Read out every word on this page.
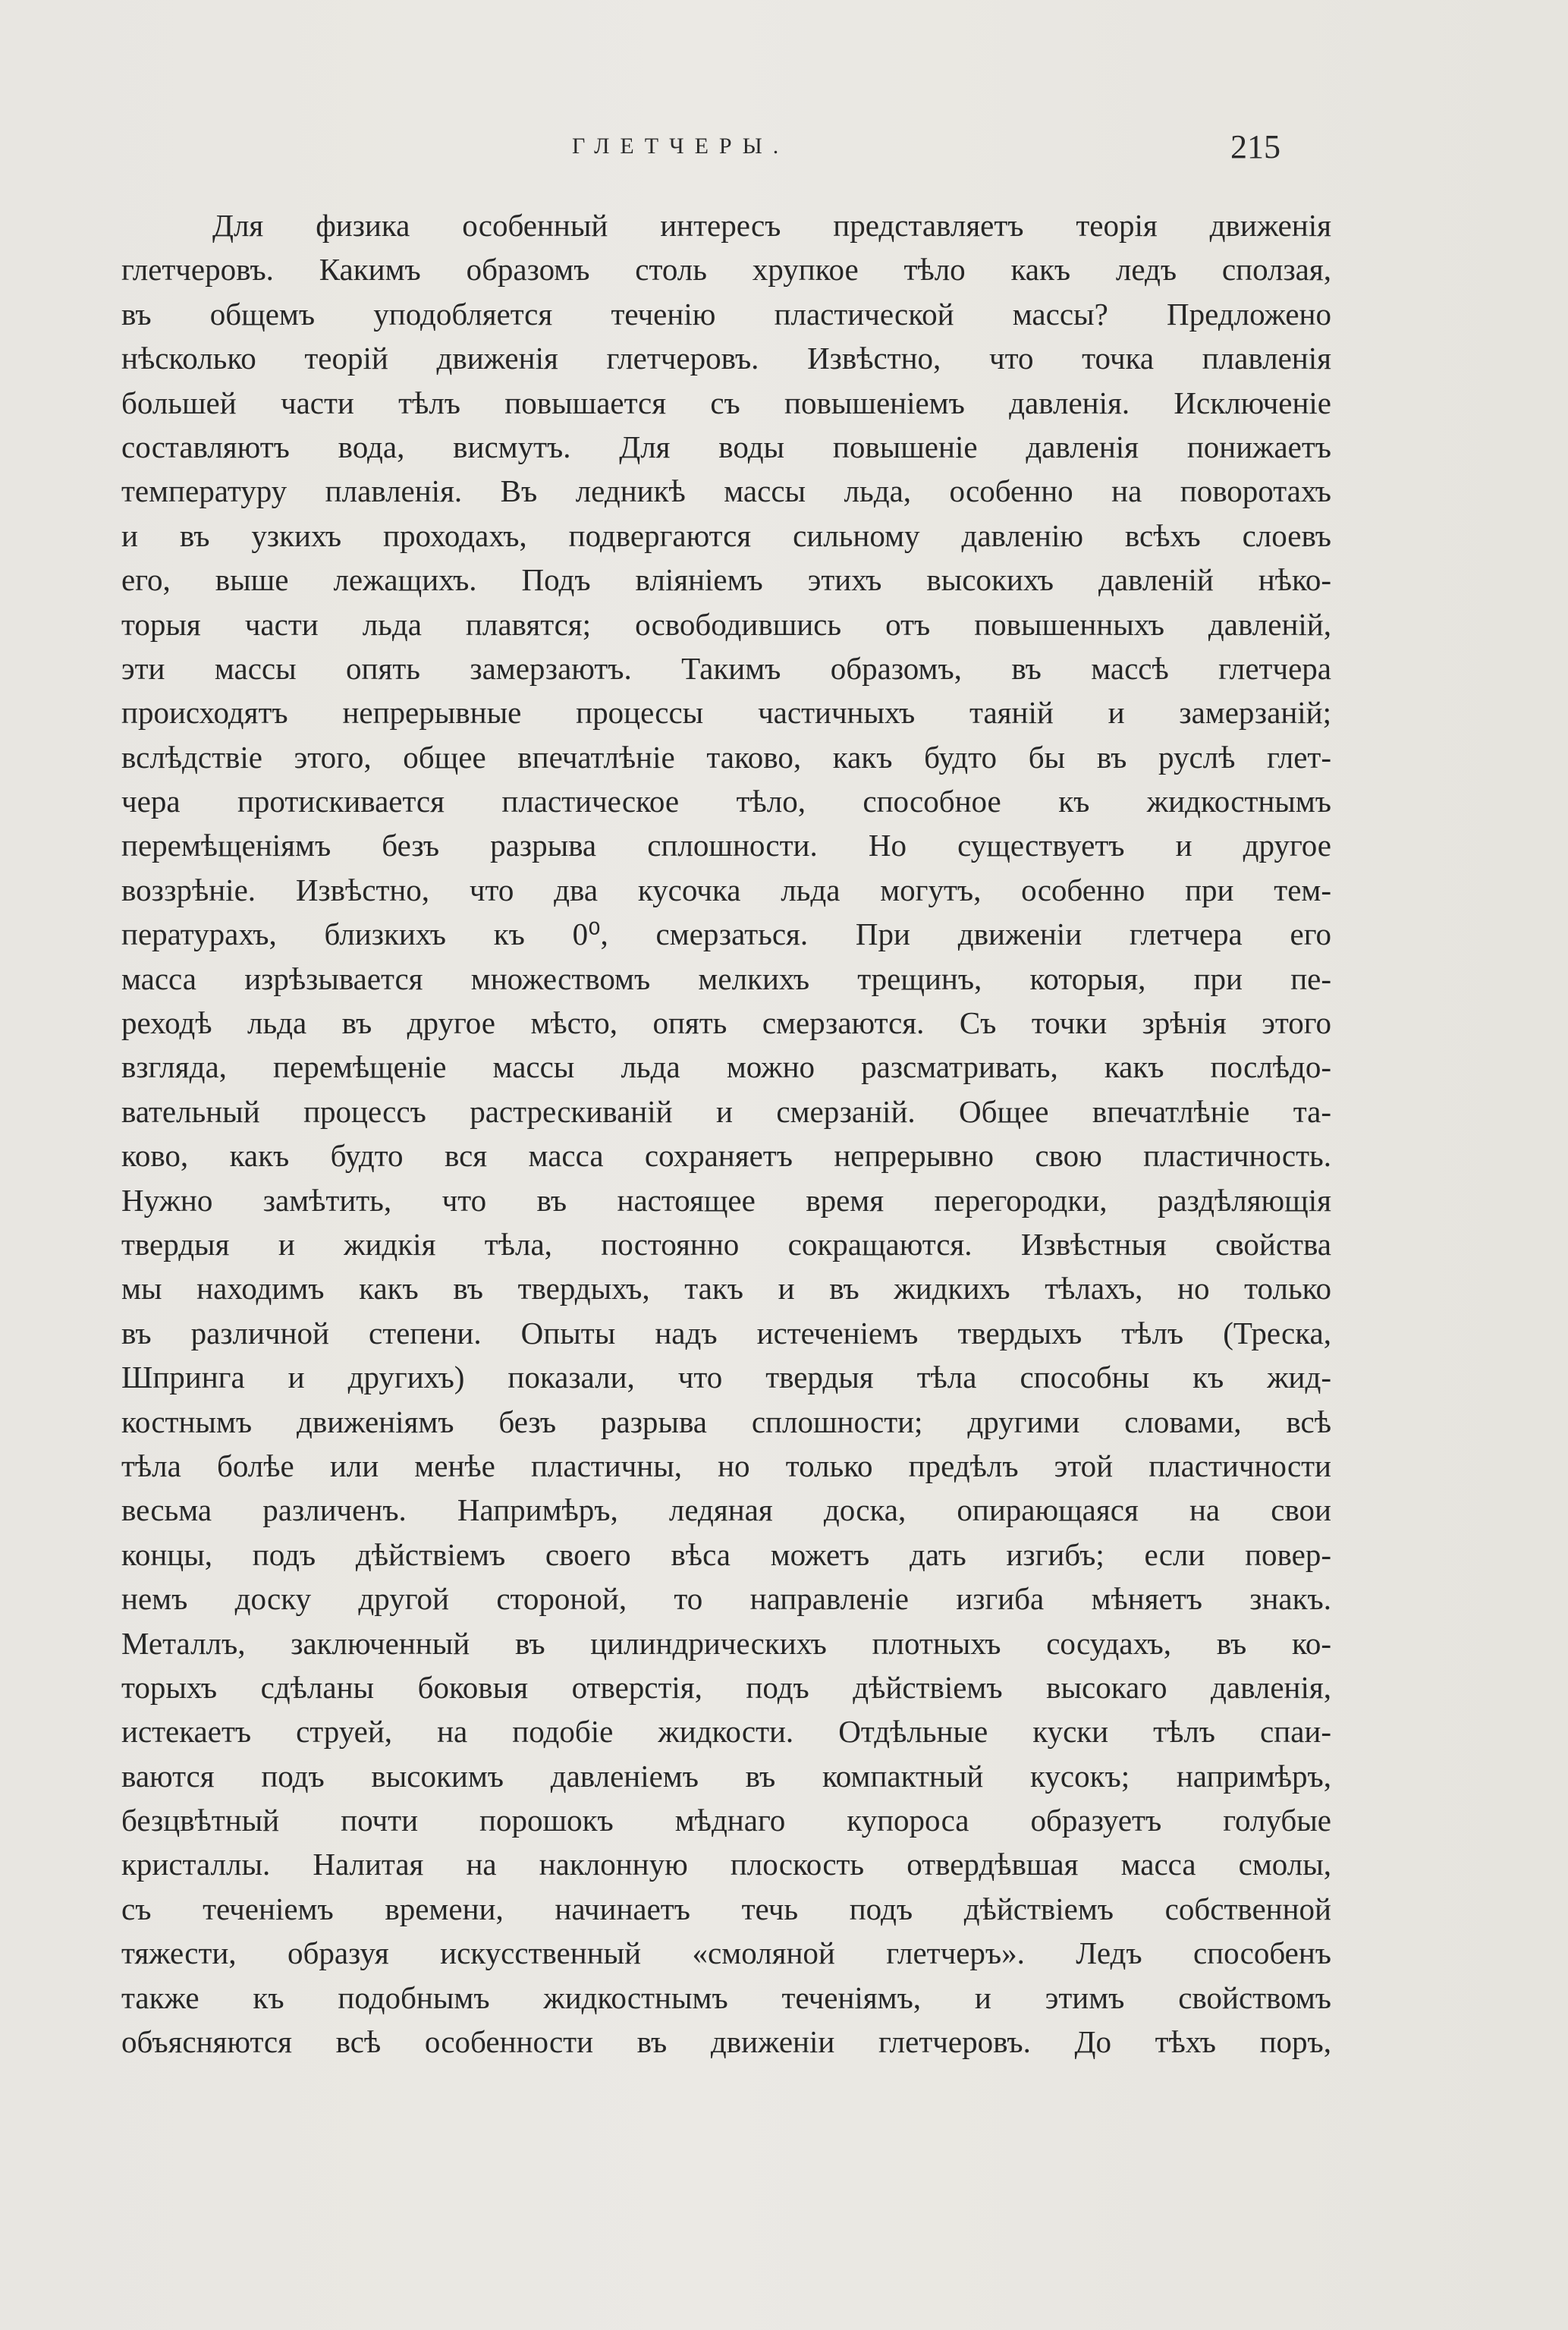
ГЛЕТЧЕРЫ.	215
Для физика особенный интересъ представляетъ теорія движенія
глетчеровъ. Какимъ образомъ столь хрупкое тѣло какъ ледъ сползая,
въ общемъ уподобляется теченію пластической массы? Предложено
нѣсколько теорій движенія глетчеровъ. Извѣстно, что точка плавленія
большей части тѣлъ повышается съ повышеніемъ давленія. Исключеніе
составляютъ вода, висмутъ. Для воды повышеніе давленія понижаетъ
температуру плавленія. Въ ледникѣ массы льда, особенно на поворотахъ
и въ узкихъ проходахъ, подвергаются сильному давленію всѣхъ слоевъ
его, выше лежащихъ. Подъ вліяніемъ этихъ высокихъ давленій нѣко-
торыя части льда плавятся; освободившись отъ повышенныхъ давленій,
эти массы опять замерзаютъ. Такимъ образомъ, въ массѣ глетчера
происходятъ непрерывные процессы частичныхъ таяній и замерзаній;
вслѣдствіе этого, общее впечатлѣніе таково, какъ будто бы въ руслѣ глет-
чера протискивается пластическое тѣло, способное къ жидкостнымъ
перемѣщеніямъ безъ разрыва сплошности. Но существуетъ и другое
воззрѣніе. Извѣстно, что два кусочка льда могутъ, особенно при тем-
пературахъ, близкихъ къ 0⁰, смерзаться. При движеніи глетчера его
масса изрѣзывается множествомъ мелкихъ трещинъ, которыя, при пе-
реходѣ льда въ другое мѣсто, опять смерзаются. Съ точки зрѣнія этого
взгляда, перемѣщеніе массы льда можно разсматривать, какъ послѣдо-
вательный процессъ растрескиваній и смерзаній. Общее впечатлѣніе та-
ково, какъ будто вся масса сохраняетъ непрерывно свою пластичность.
Нужно замѣтить, что въ настоящее время перегородки, раздѣляющія
твердыя и жидкія тѣла, постоянно сокращаются. Извѣстныя свойства
мы находимъ какъ въ твердыхъ, такъ и въ жидкихъ тѣлахъ, но только
въ различной степени. Опыты надъ истеченіемъ твердыхъ тѣлъ (Треска,
Шпринга и другихъ) показали, что твердыя тѣла способны къ жид-
костнымъ движеніямъ безъ разрыва сплошности; другими словами, всѣ
тѣла болѣе или менѣе пластичны, но только предѣлъ этой пластичности
весьма различенъ. Напримѣръ, ледяная доска, опирающаяся на свои
концы, подъ дѣйствіемъ своего вѣса можетъ дать изгибъ; если повер-
немъ доску другой стороной, то направленіе изгиба мѣняетъ знакъ.
Металлъ, заключенный въ цилиндрическихъ плотныхъ сосудахъ, въ ко-
торыхъ сдѣланы боковыя отверстія, подъ дѣйствіемъ высокаго давленія,
истекаетъ струей, на подобіе жидкости. Отдѣльные куски тѣлъ спаи-
ваются подъ высокимъ давленіемъ въ компактный кусокъ; напримѣръ,
безцвѣтный почти порошокъ мѣднаго купороса образуетъ голубые
кристаллы. Налитая на наклонную плоскость отвердѣвшая масса смолы,
съ теченіемъ времени, начинаетъ течь подъ дѣйствіемъ собственной
тяжести, образуя искусственный «смоляной глетчеръ». Ледъ способенъ
также къ подобнымъ жидкостнымъ теченіямъ, и этимъ свойствомъ
объясняются всѣ особенности въ движеніи глетчеровъ. До тѣхъ поръ,
